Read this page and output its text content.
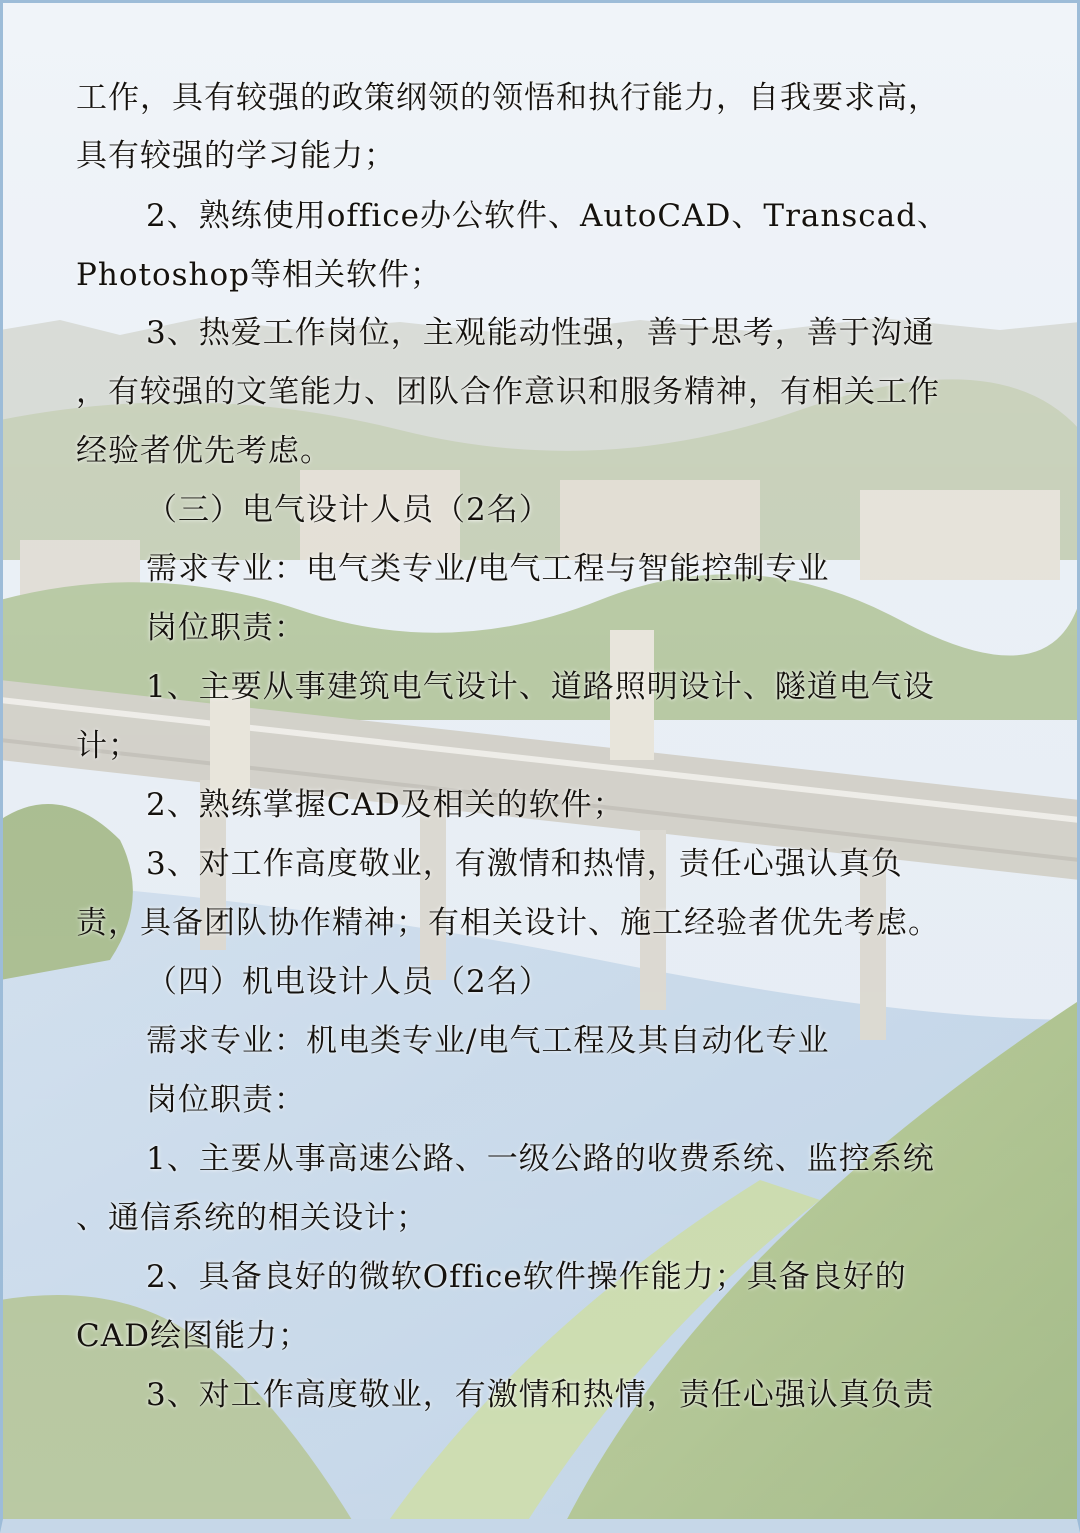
工作，具有较强的政策纲领的领悟和执行能力，自我要求高，
具有较强的学习能力；
2、熟练使用office办公软件、AutoCAD、Transcad、
Photoshop等相关软件；
3、热爱工作岗位，主观能动性强，善于思考，善于沟通
，有较强的文笔能力、团队合作意识和服务精神，有相关工作
经验者优先考虑。
（三）电气设计人员（2名）
需求专业：电气类专业/电气工程与智能控制专业
岗位职责：
1、主要从事建筑电气设计、道路照明设计、隧道电气设
计；
2、熟练掌握CAD及相关的软件；
3、对工作高度敬业，有激情和热情，责任心强认真负
责，具备团队协作精神；有相关设计、施工经验者优先考虑。
（四）机电设计人员（2名）
需求专业：机电类专业/电气工程及其自动化专业
岗位职责：
1、主要从事高速公路、一级公路的收费系统、监控系统
、通信系统的相关设计；
2、具备良好的微软Office软件操作能力；具备良好的
CAD绘图能力；
3、对工作高度敬业，有激情和热情，责任心强认真负责
